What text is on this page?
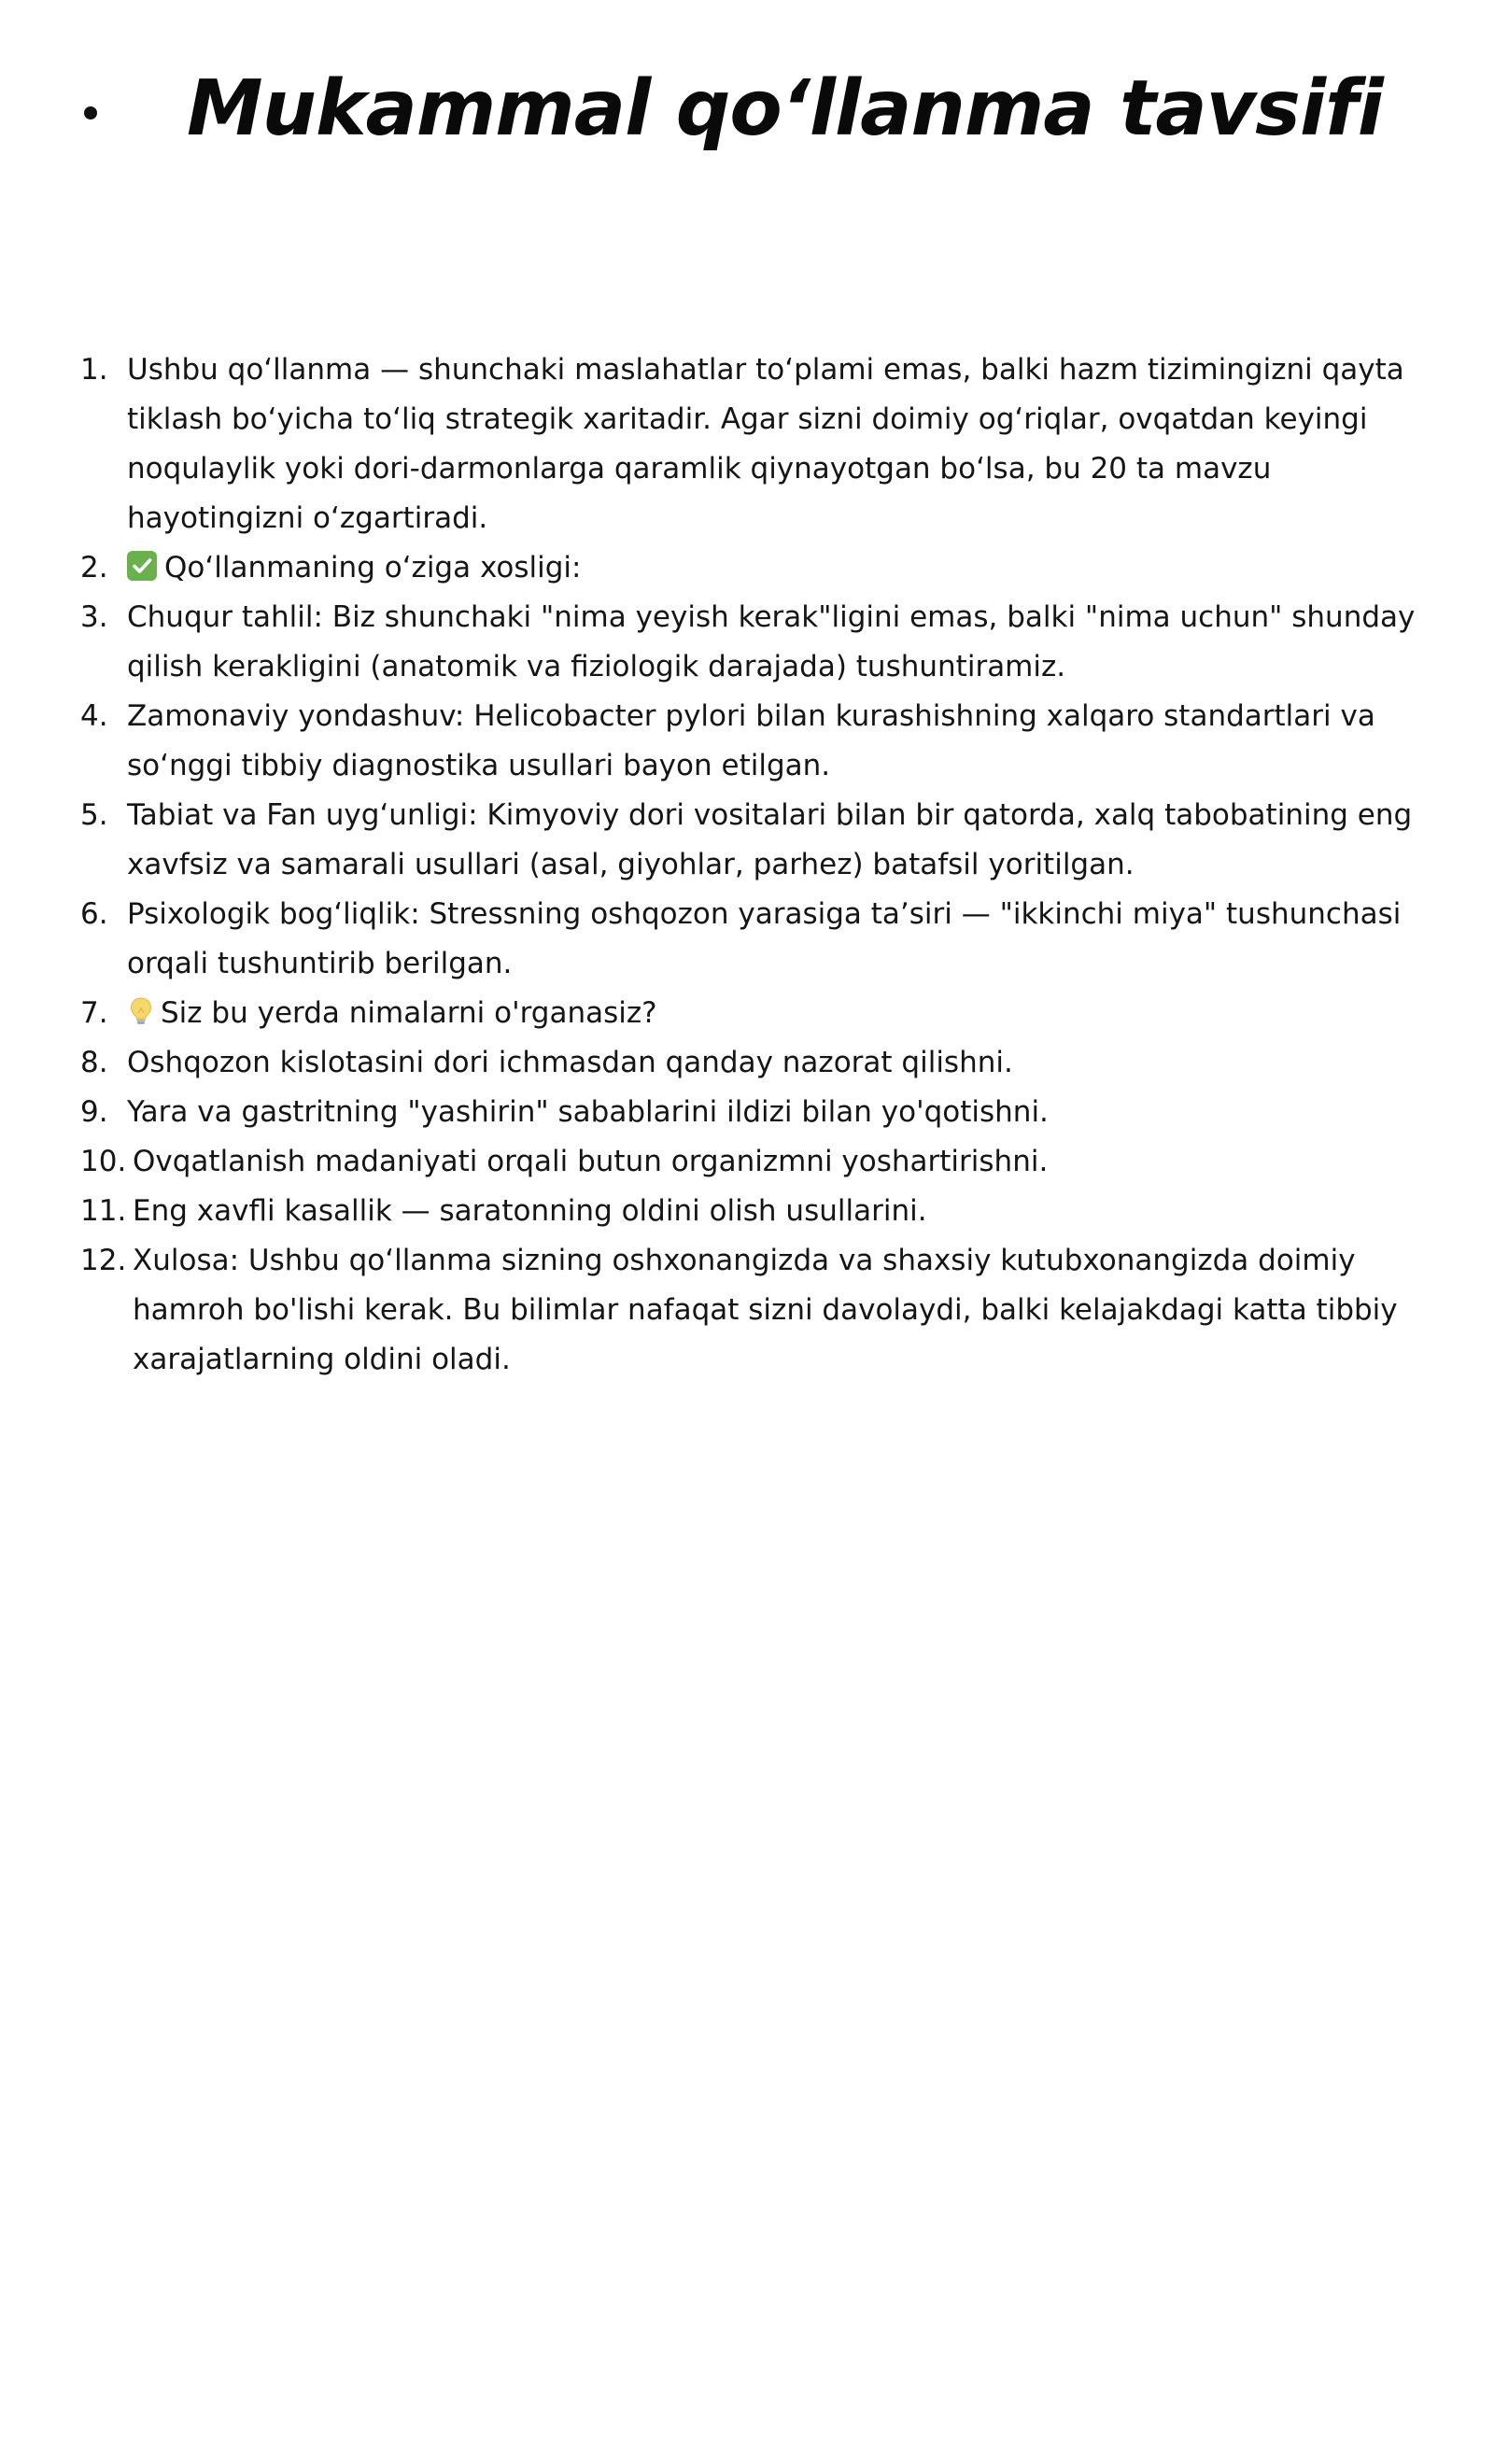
Mukammal qo‘llanma tavsifi
1. Ushbu qo‘llanma — shunchaki maslahatlar to‘plami emas, balki hazm tizimingizni qayta tiklash bo‘yicha to‘liq strategik xaritadir. Agar sizni doimiy og‘riqlar, ovqatdan keyingi noqulaylik yoki dori-darmonlarga qaramlik qiynayotgan bo‘lsa, bu 20 ta mavzu hayotingizni o‘zgartiradi.
2.	Qo‘llanmaning o‘ziga xosligi:
3. Chuqur tahlil: Biz shunchaki "nima yeyish kerak"ligini emas, balki "nima uchun" shunday qilish kerakligini (anatomik va fiziologik darajada) tushuntiramiz.
4. Zamonaviy yondashuv: Helicobacter pylori bilan kurashishning xalqaro standartlari va so‘nggi tibbiy diagnostika usullari bayon etilgan.
5. Tabiat va Fan uyg‘unligi: Kimyoviy dori vositalari bilan bir qatorda, xalq tabobatining eng xavfsiz va samarali usullari (asal, giyohlar, parhez) batafsil yoritilgan.
6. Psixologik bog‘liqlik: Stressning oshqozon yarasiga ta’siri — "ikkinchi miya" tushunchasi orqali tushuntirib berilgan.
7.	Siz bu yerda nimalarni o'rganasiz?
8. Oshqozon kislotasini dori ichmasdan qanday nazorat qilishni.
9. Yara va gastritning "yashirin" sabablarini ildizi bilan yo'qotishni.
10. Ovqatlanish madaniyati orqali butun organizmni yoshartirishni.
11. Eng xavfli kasallik — saratonning oldini olish usullarini.
12. Xulosa: Ushbu qo‘llanma sizning oshxonangizda va shaxsiy kutubxonangizda doimiy hamroh bo'lishi kerak. Bu bilimlar nafaqat sizni davolaydi, balki kelajakdagi katta tibbiy xarajatlarning oldini oladi.
